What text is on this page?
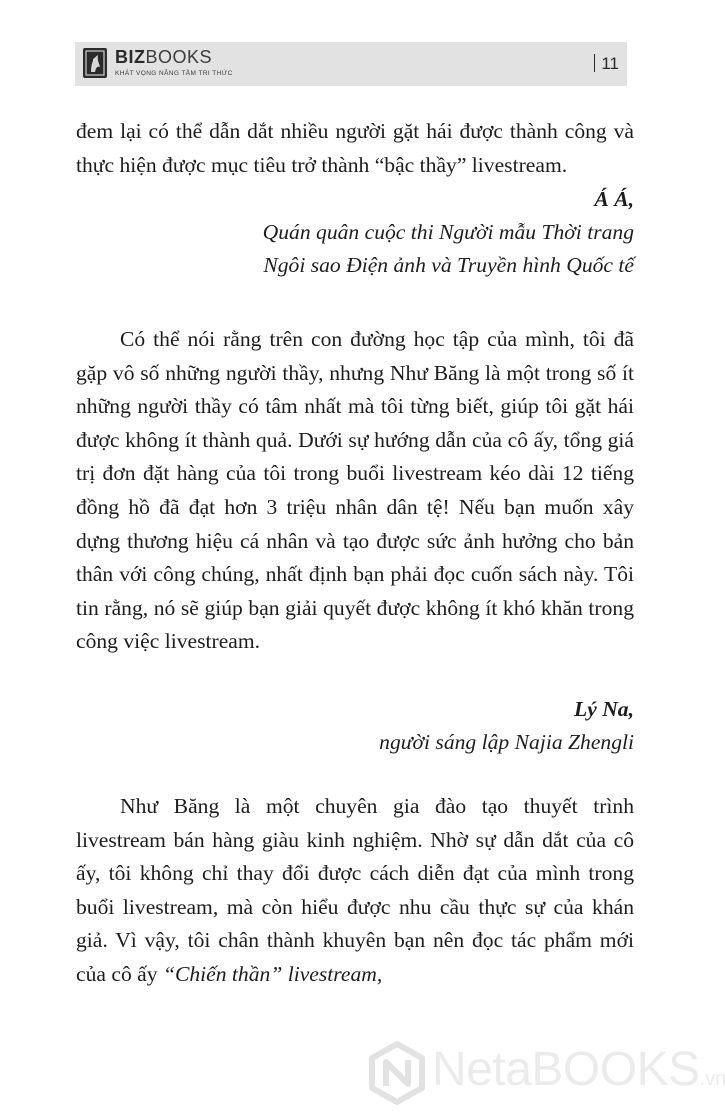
BIZBOOKS
KHÁT VỌNG NÂNG TẦM TRI THỨC
11

đem lại có thể dẫn dắt nhiều người gặt hái được thành công và thực hiện được mục tiêu trở thành “bậc thầy” livestream.

Á Á,
Quán quân cuộc thi Người mẫu Thời trang
Ngôi sao Điện ảnh và Truyền hình Quốc tế

Có thể nói rằng trên con đường học tập của mình, tôi đã gặp vô số những người thầy, nhưng Như Băng là một trong số ít những người thầy có tâm nhất mà tôi từng biết, giúp tôi gặt hái được không ít thành quả. Dưới sự hướng dẫn của cô ấy, tổng giá trị đơn đặt hàng của tôi trong buổi livestream kéo dài 12 tiếng đồng hồ đã đạt hơn 3 triệu nhân dân tệ! Nếu bạn muốn xây dựng thương hiệu cá nhân và tạo được sức ảnh hưởng cho bản thân với công chúng, nhất định bạn phải đọc cuốn sách này. Tôi tin rằng, nó sẽ giúp bạn giải quyết được không ít khó khăn trong công việc livestream.

Lý Na,
người sáng lập Najia Zhengli

Như Băng là một chuyên gia đào tạo thuyết trình livestream bán hàng giàu kinh nghiệm. Nhờ sự dẫn dắt của cô ấy, tôi không chỉ thay đổi được cách diễn đạt của mình trong buổi livestream, mà còn hiểu được nhu cầu thực sự của khán giả. Vì vậy, tôi chân thành khuyên bạn nên đọc tác phẩm mới của cô ấy “Chiến thần” livestream,

NetaBOOKS.vn
